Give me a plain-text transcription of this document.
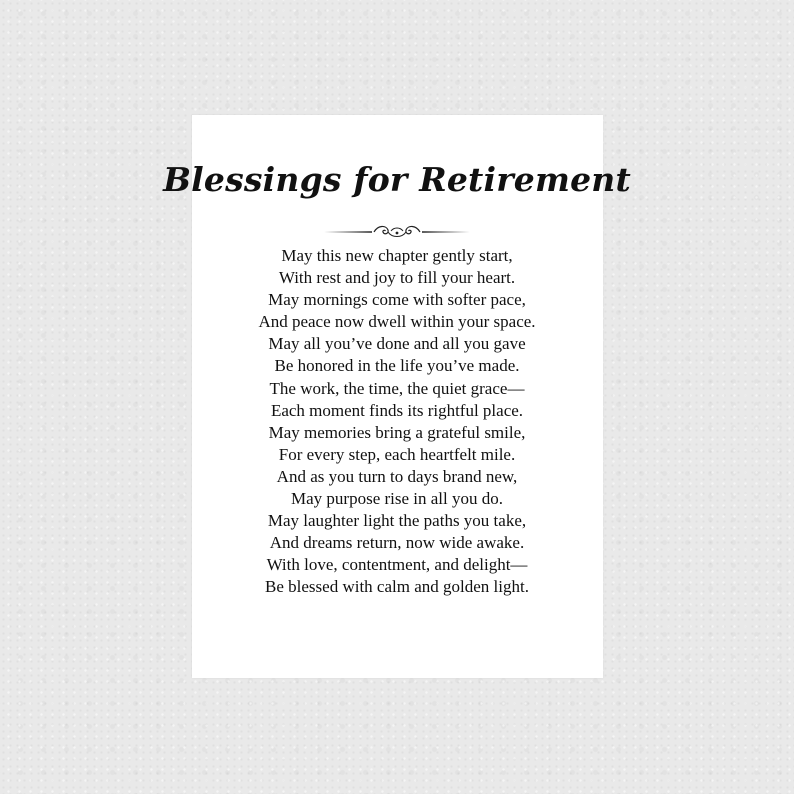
Blessings for Retirement
May this new chapter gently start,
With rest and joy to fill your heart.
May mornings come with softer pace,
And peace now dwell within your space.
May all you’ve done and all you gave
Be honored in the life you’ve made.
The work, the time, the quiet grace—
Each moment finds its rightful place.
May memories bring a grateful smile,
For every step, each heartfelt mile.
And as you turn to days brand new,
May purpose rise in all you do.
May laughter light the paths you take,
And dreams return, now wide awake.
With love, contentment, and delight—
Be blessed with calm and golden light.
